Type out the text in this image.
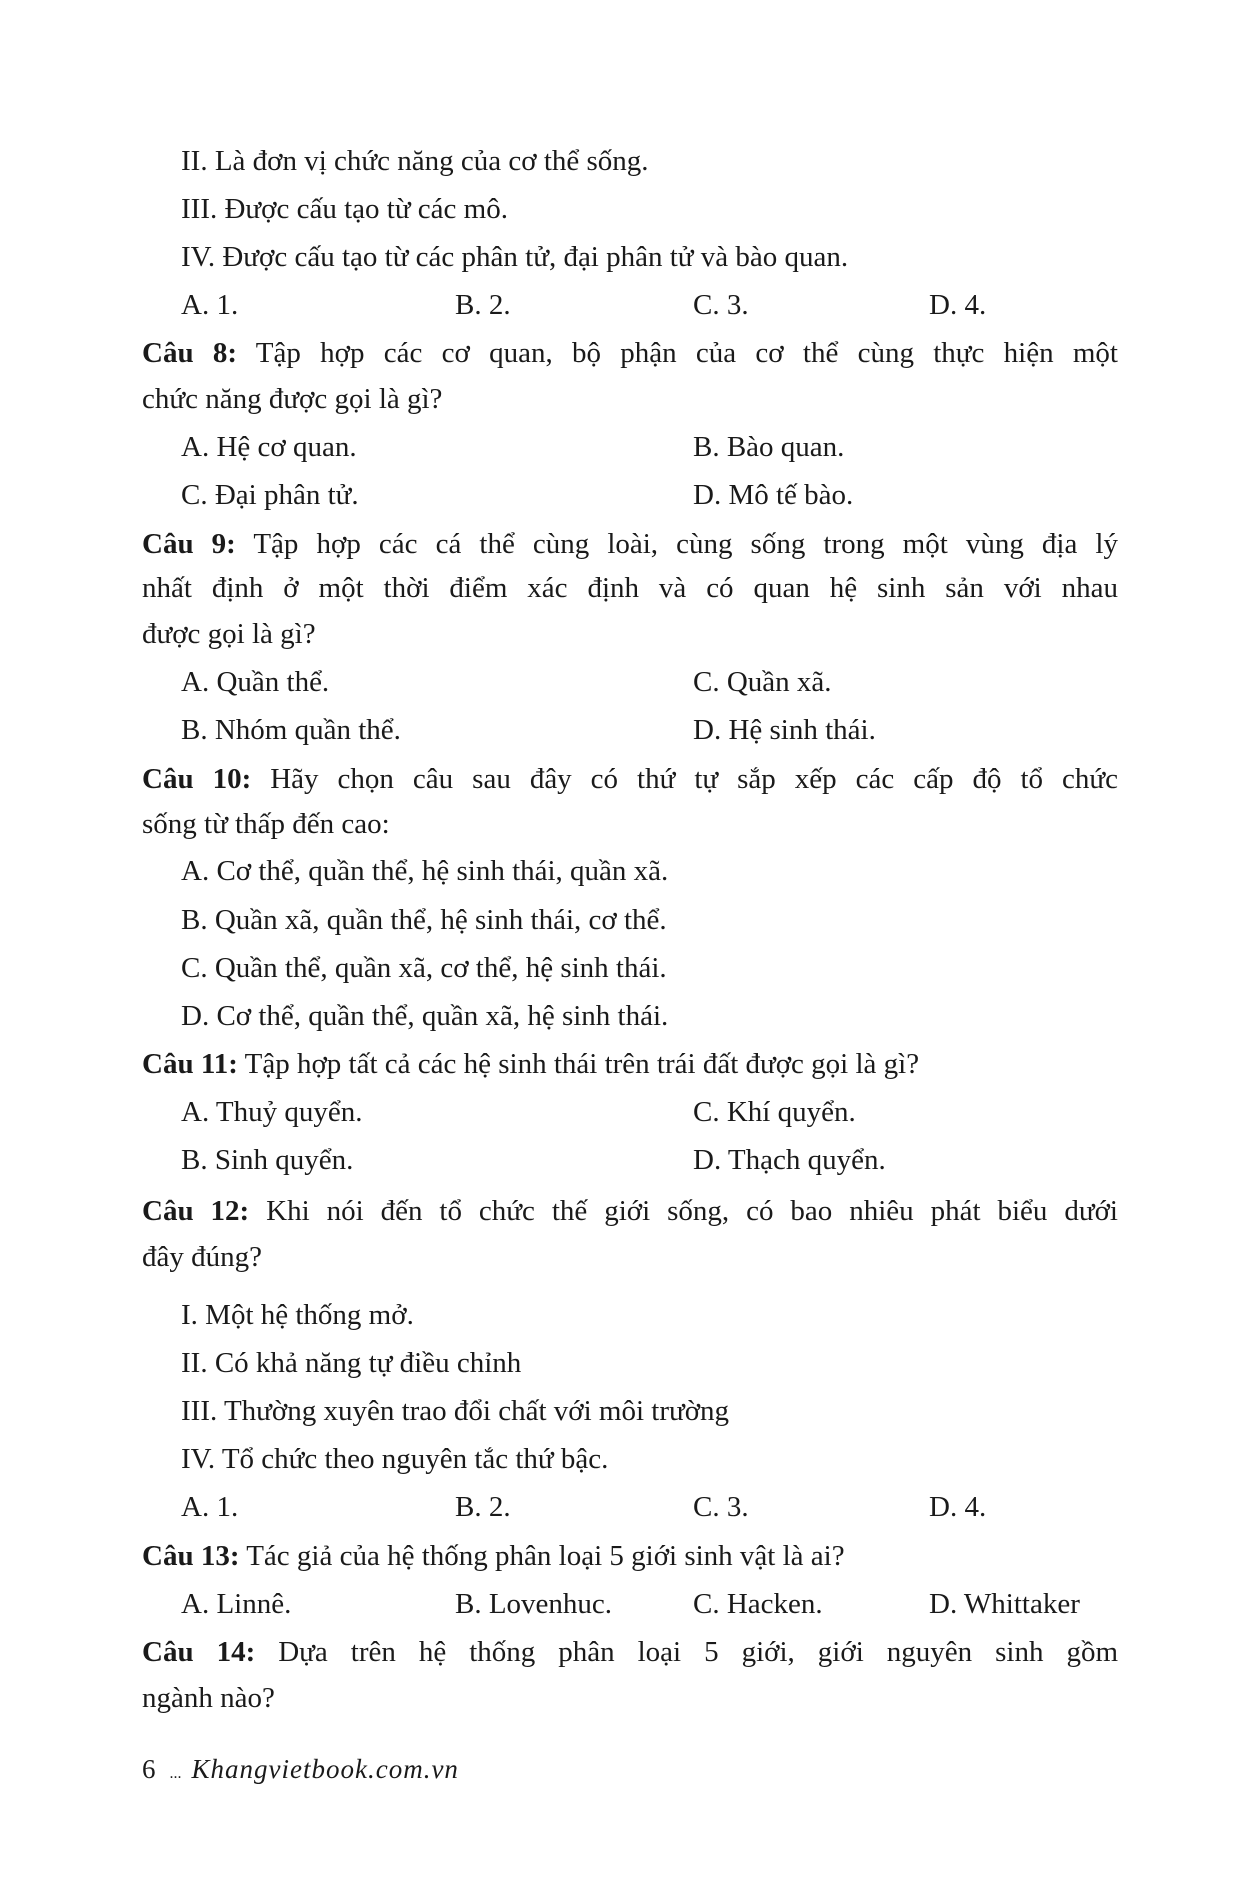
II. Là đơn vị chức năng của cơ thể sống.
III. Được cấu tạo từ các mô.
IV. Được cấu tạo từ các phân tử, đại phân tử và bào quan.
A. 1.	B. 2.	C. 3.	D. 4.
Câu 8: Tập hợp các cơ quan, bộ phận của cơ thể cùng thực hiện một
chức năng được gọi là gì?
A. Hệ cơ quan.	B. Bào quan.
C. Đại phân tử.	D. Mô tế bào.
Câu 9: Tập hợp các cá thể cùng loài, cùng sống trong một vùng địa lý
nhất định ở một thời điểm xác định và có quan hệ sinh sản với nhau
được gọi là gì?
A. Quần thể.	C. Quần xã.
B. Nhóm quần thể.	D. Hệ sinh thái.
Câu 10: Hãy chọn câu sau đây có thứ tự sắp xếp các cấp độ tổ chức
sống từ thấp đến cao:
A. Cơ thể, quần thể, hệ sinh thái, quần xã.
B. Quần xã, quần thể, hệ sinh thái, cơ thể.
C. Quần thể, quần xã, cơ thể, hệ sinh thái.
D. Cơ thể, quần thể, quần xã, hệ sinh thái.
Câu 11: Tập hợp tất cả các hệ sinh thái trên trái đất được gọi là gì?
A. Thuỷ quyển.	C. Khí quyển.
B. Sinh quyển.	D. Thạch quyển.
Câu 12: Khi nói đến tổ chức thế giới sống, có bao nhiêu phát biểu dưới
đây đúng?
I. Một hệ thống mở.
II. Có khả năng tự điều chỉnh
III. Thường xuyên trao đổi chất với môi trường
IV. Tổ chức theo nguyên tắc thứ bậc.
A. 1.	B. 2.	C. 3.	D. 4.
Câu 13: Tác giả của hệ thống phân loại 5 giới sinh vật là ai?
A. Linnê.	B. Lovenhuc.	C. Hacken.	D. Whittaker
Câu 14: Dựa trên hệ thống phân loại 5 giới, giới nguyên sinh gồm
ngành nào?
6 ... Khangvietbook.com.vn
